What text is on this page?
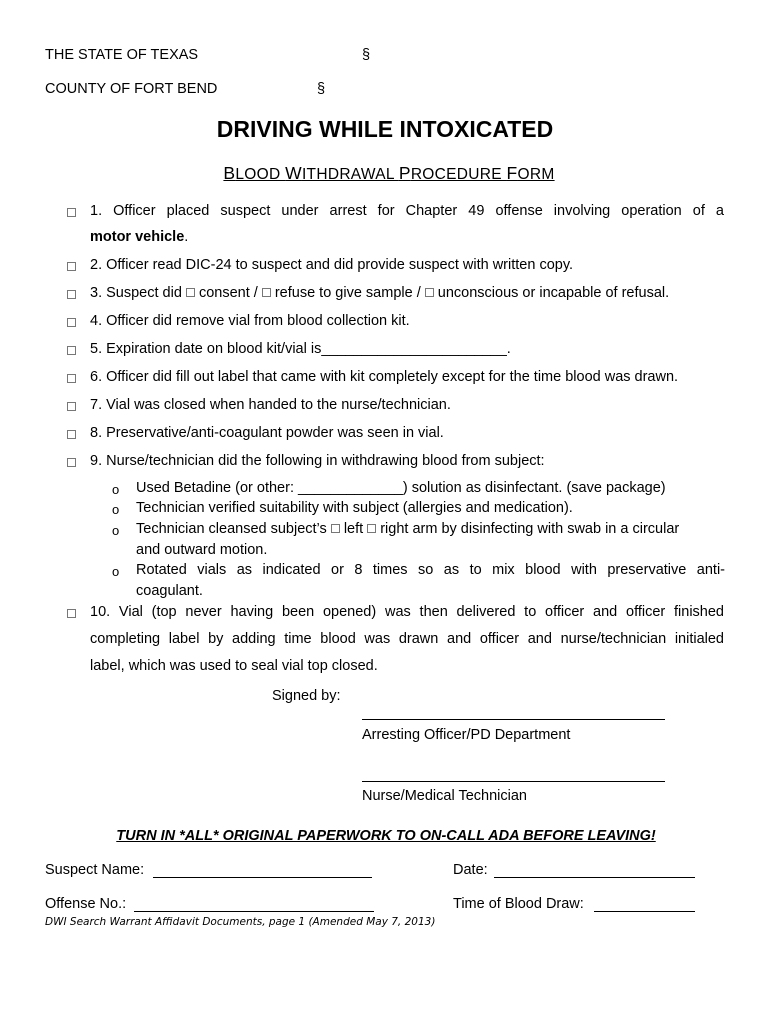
THE STATE OF TEXAS	§
COUNTY OF FORT BEND	§
DRIVING WHILE INTOXICATED
BLOOD WITHDRAWAL PROCEDURE FORM
1. Officer placed suspect under arrest for Chapter 49 offense involving operation of a
motor vehicle.
2. Officer read DIC-24 to suspect and did provide suspect with written copy.
3. Suspect did  consent /  refuse to give sample /  unconscious or incapable of refusal.
4. Officer did remove vial from blood collection kit.
5. Expiration date on blood kit/vial is_______________________.
6. Officer did fill out label that came with kit completely except for the time blood was drawn.
7. Vial was closed when handed to the nurse/technician.
8. Preservative/anti-coagulant powder was seen in vial.
9. Nurse/technician did the following in withdrawing blood from subject:
o Used Betadine (or other: _____________) solution as disinfectant. (save package)
o Technician verified suitability with subject (allergies and medication).
o Technician cleansed subject’s  left  right arm by disinfecting with swab in a circular
and outward motion.
o Rotated vials as indicated or 8 times so as to mix blood with preservative anti-
coagulant.
10. Vial (top never having been opened) was then delivered to officer and officer finished
completing label by adding time blood was drawn and officer and nurse/technician initialed
label, which was used to seal vial top closed.
Signed by:
Arresting Officer/PD Department
Nurse/Medical Technician
TURN IN *ALL* ORIGINAL PAPERWORK TO ON-CALL ADA BEFORE LEAVING!
Suspect Name:	Date:
Offense No.:	Time of Blood Draw:
DWI Search Warrant Affidavit Documents, page 1 (Amended May 7, 2013)
